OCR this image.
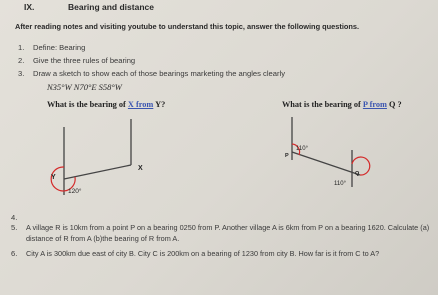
IX.	Bearing and distance
After reading notes and visiting youtube to understand this topic, answer the following questions.
1. Define: Bearing
2. Give the three rules of bearing
3. Draw a sketch to show each of those bearings marketing the angles clearly
N35°W N70°E S58°W
What is the bearing of X from Y?	What is the bearing of P from Q ?
Y
X
120°
P
Q
110°
110°
4.
5. A village R is 10km from a point P on a bearing 0250 from P. Another village A is 6km from P on a bearing 1620. Calculate (a) distance of R from A (b)the bearing of R from A.
6. City A is 300km due east of city B. City C is 200km on a bearing of 1230 from city B. How far is it from C to A?
